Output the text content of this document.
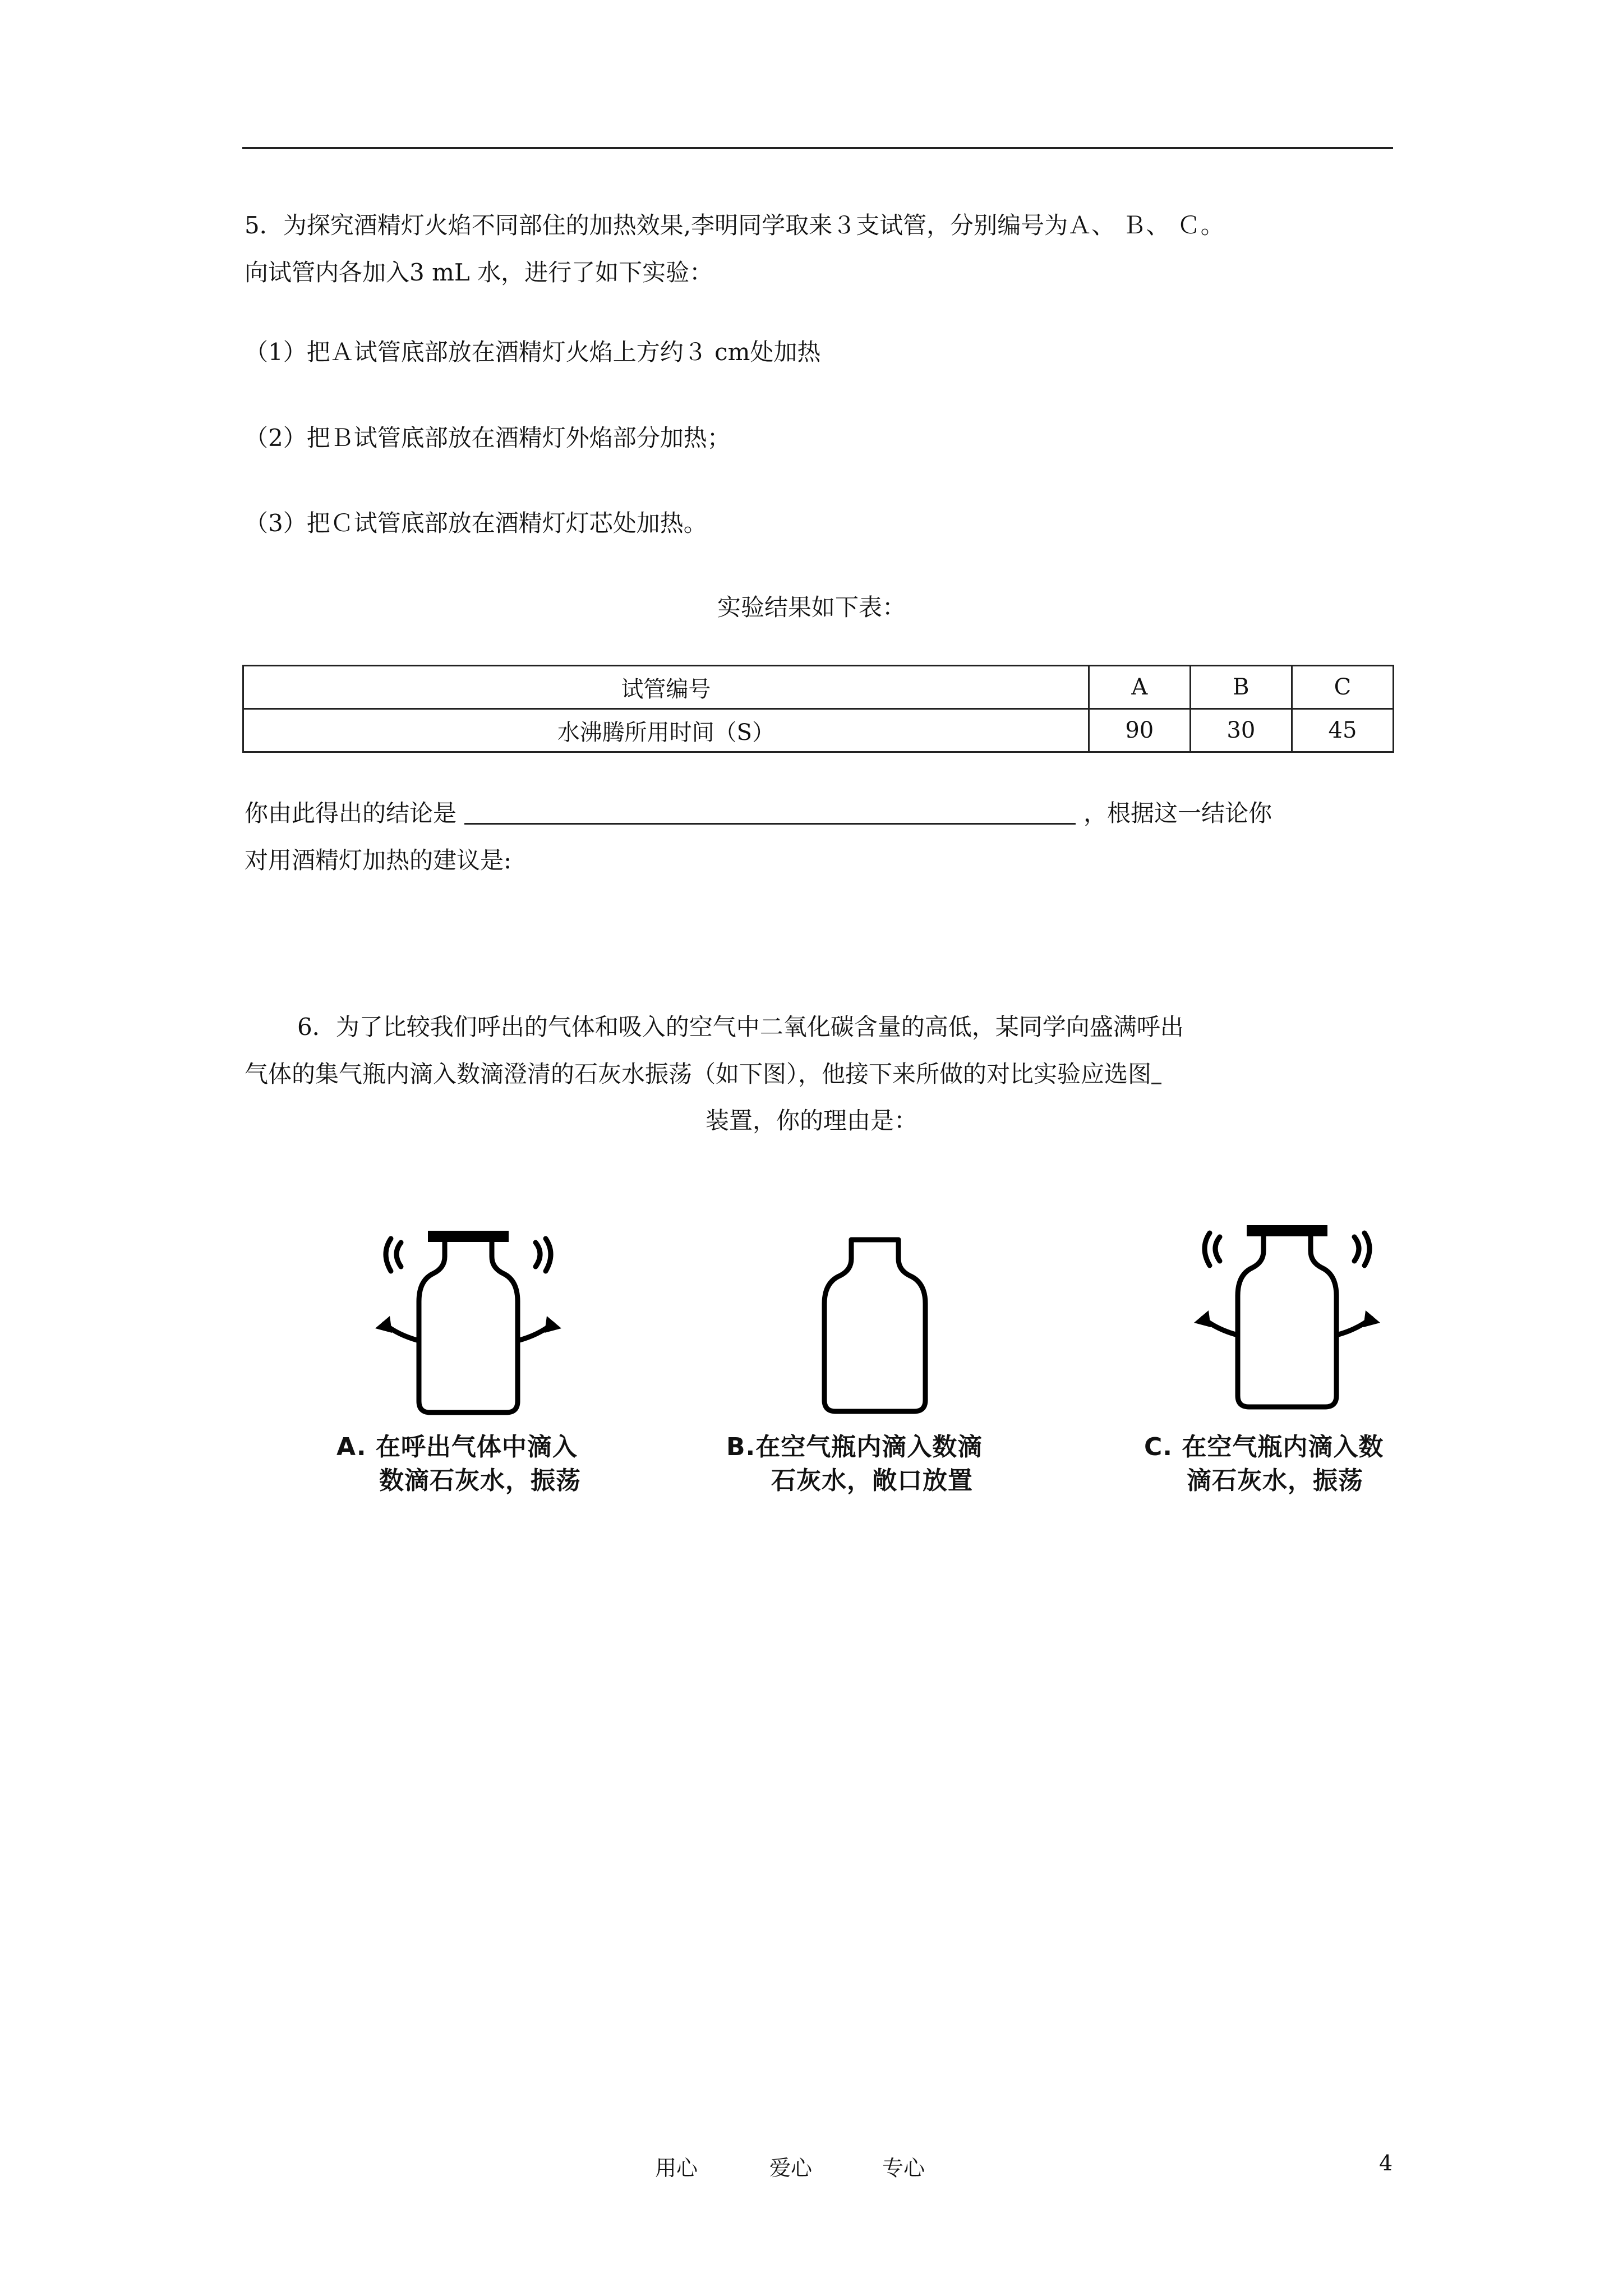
5．为探究酒精灯火焰不同部住的加热效果,李明同学取来３支试管，分别编号为Ａ、 Ｂ、 Ｃ。
向试管内各加入3 mL 水，进行了如下实验：
（1）把Ａ试管底部放在酒精灯火焰上方约３ cm处加热
（2）把Ｂ试管底部放在酒精灯外焰部分加热；
（3）把Ｃ试管底部放在酒精灯灯芯处加热。
实验结果如下表：
试管编号	A	B	C
水沸腾所用时间（S）	90	30	45
你由此得出的结论是	，根据这一结论你
对用酒精灯加热的建议是:
6．为了比较我们呼出的气体和吸入的空气中二氧化碳含量的高低，某同学向盛满呼出
气体的集气瓶内滴入数滴澄清的石灰水振荡（如下图），他接下来所做的对比实验应选图
装置，你的理由是：
A. 在呼出气体中滴入
数滴石灰水，振荡
B.在空气瓶内滴入数滴
石灰水，敞口放置
C. 在空气瓶内滴入数
滴石灰水，振荡
用心	爱心	专心	4
